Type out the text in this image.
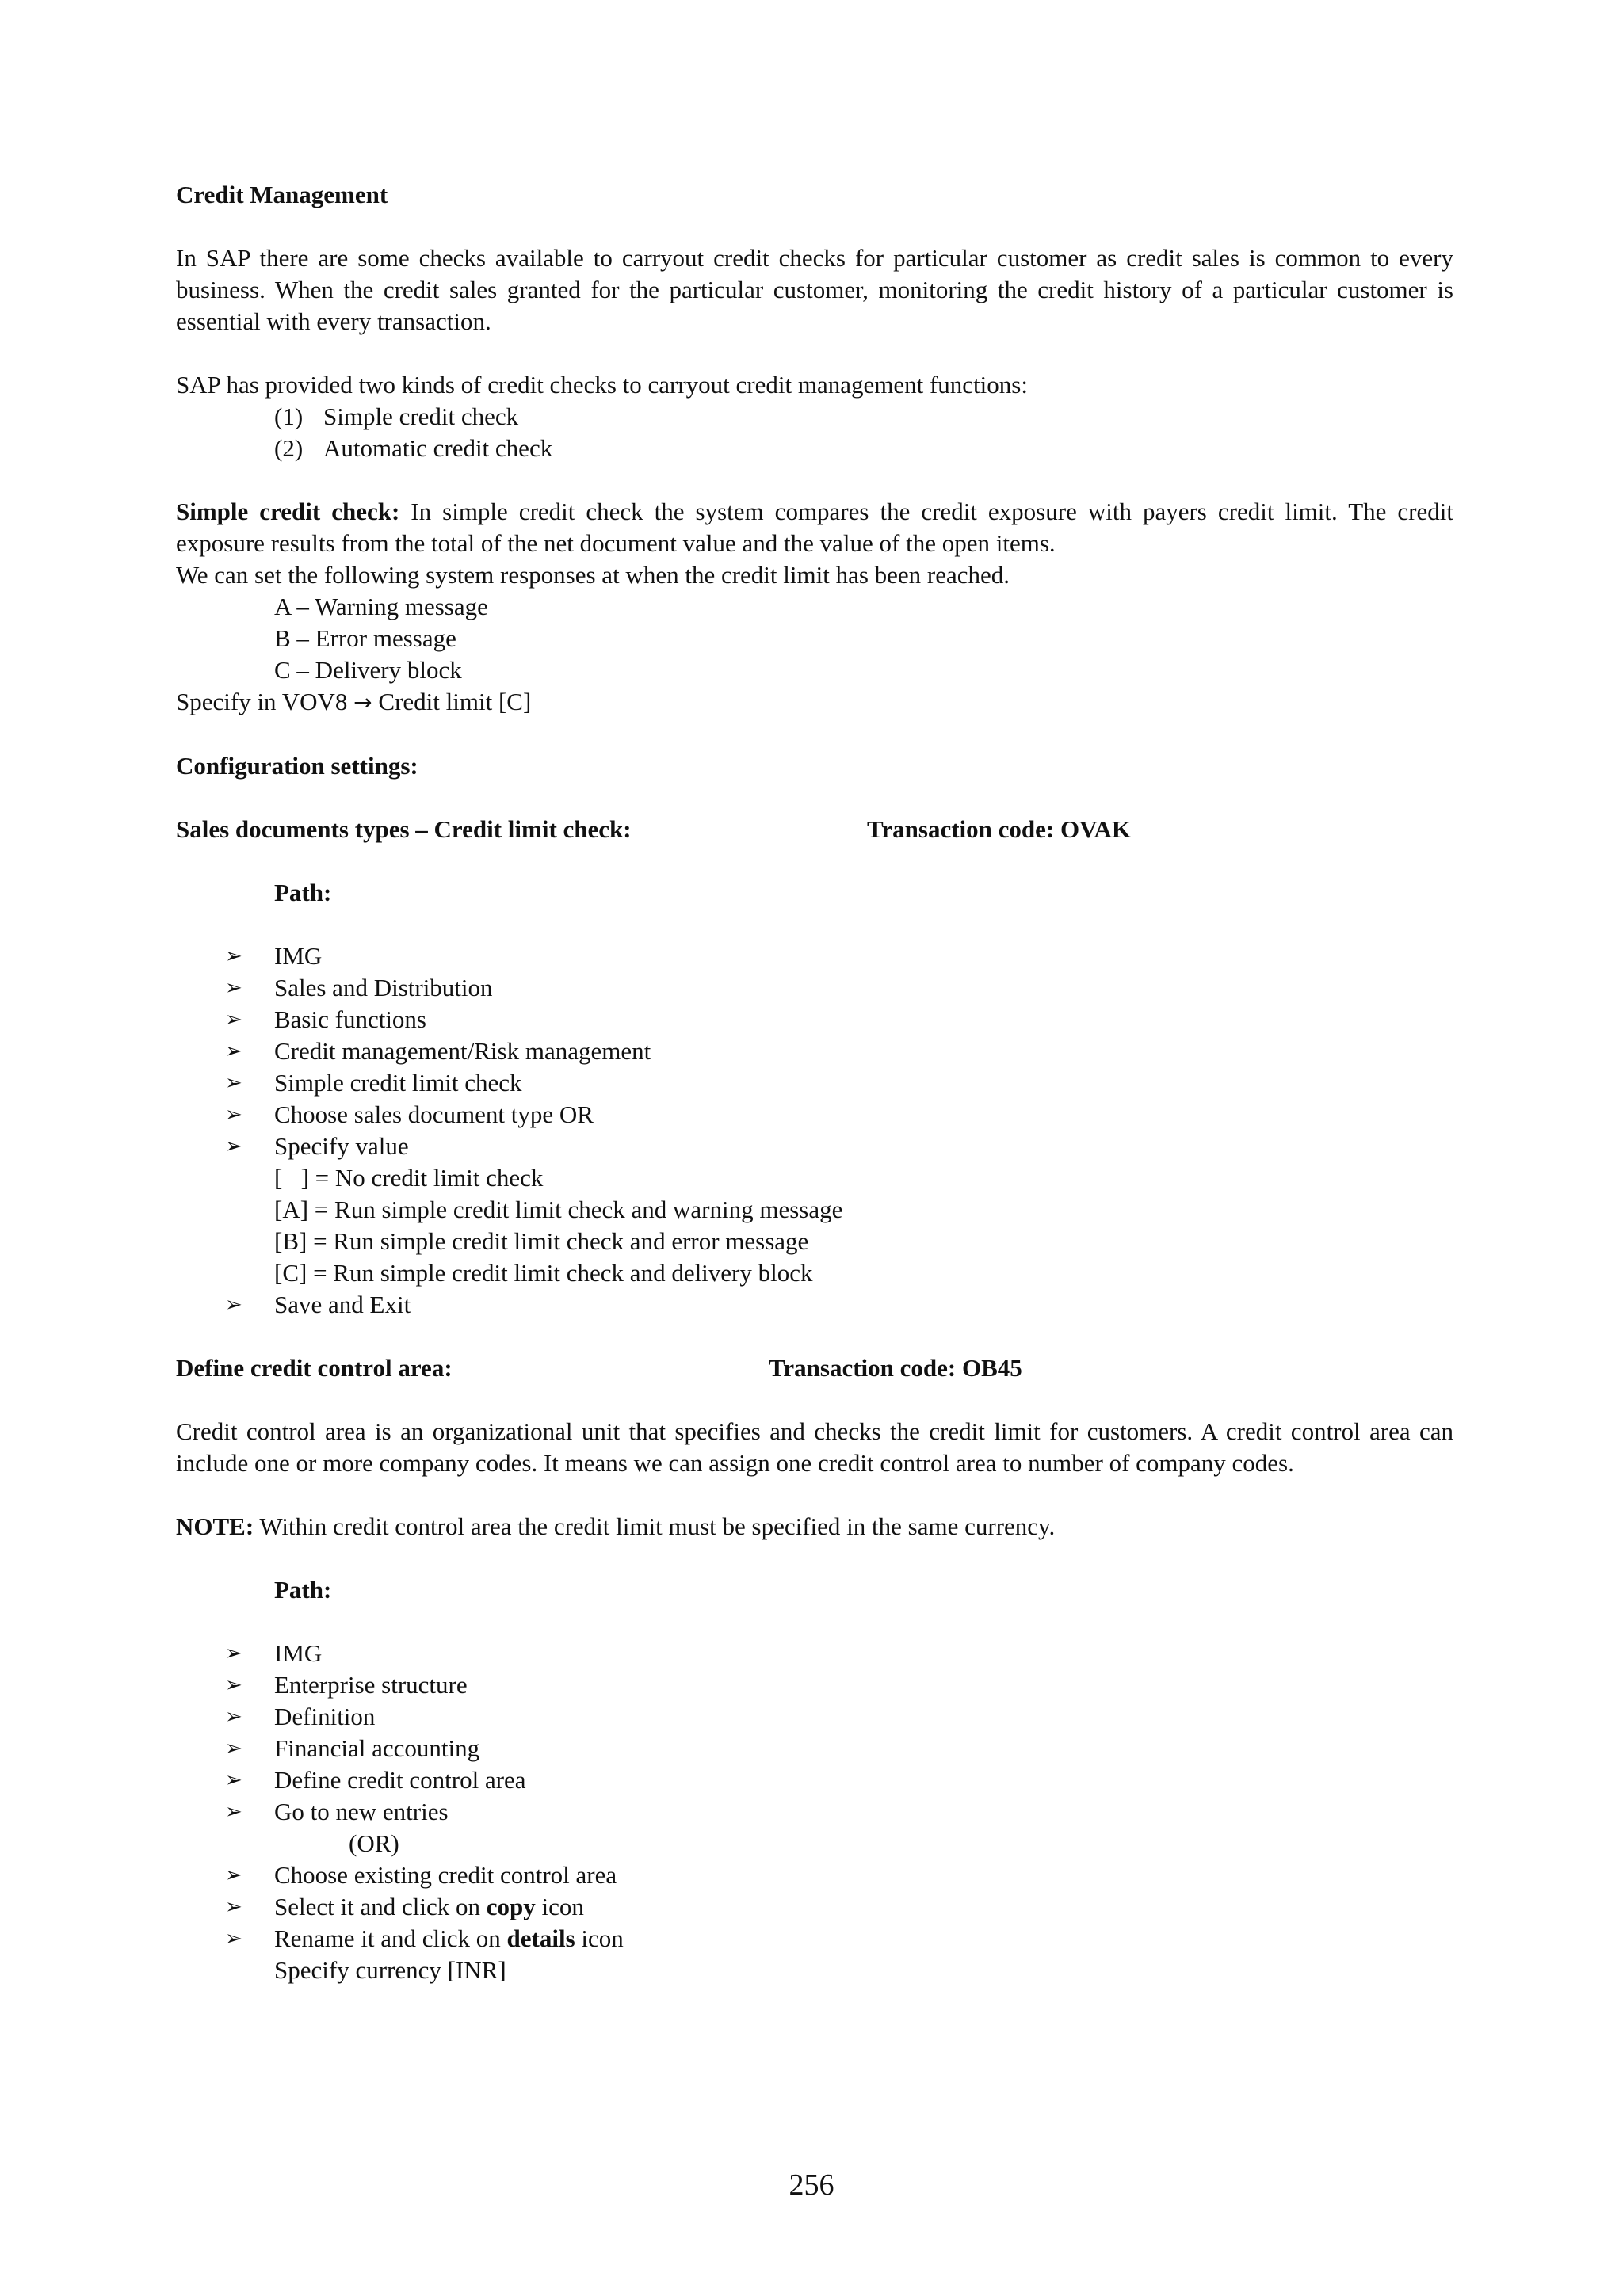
Credit Management

In SAP there are some checks available to carryout credit checks for particular customer as credit sales is common to every business. When the credit sales granted for the particular customer, monitoring the credit history of a particular customer is essential with every transaction.

SAP has provided two kinds of credit checks to carryout credit management functions:

(1) Simple credit check
(2) Automatic credit check

Simple credit check: In simple credit check the system compares the credit exposure with payers credit limit. The credit exposure results from the total of the net document value and the value of the open items.

We can set the following system responses at when the credit limit has been reached.

A – Warning message
B – Error message
C – Delivery block

Specify in VOV8 → Credit limit [C]

Configuration settings:

Sales documents types – Credit limit check:	Transaction code: OVAK

Path:

➢ IMG
➢ Sales and Distribution
➢ Basic functions
➢ Credit management/Risk management
➢ Simple credit limit check
➢ Choose sales document type OR
➢ Specify value
[   ] = No credit limit check
[A] = Run simple credit limit check and warning message
[B] = Run simple credit limit check and error message
[C] = Run simple credit limit check and delivery block
➢ Save and Exit
Define credit control area:	Transaction code: OB45

Credit control area is an organizational unit that specifies and checks the credit limit for customers. A credit control area can include one or more company codes. It means we can assign one credit control area to number of company codes.

NOTE: Within credit control area the credit limit must be specified in the same currency.

Path:

➢ IMG
➢ Enterprise structure
➢ Definition
➢ Financial accounting
➢ Define credit control area
➢ Go to new entries
(OR)
➢ Choose existing credit control area
➢ Select it and click on copy icon
➢ Rename it and click on details icon
Specify currency [INR]
256
